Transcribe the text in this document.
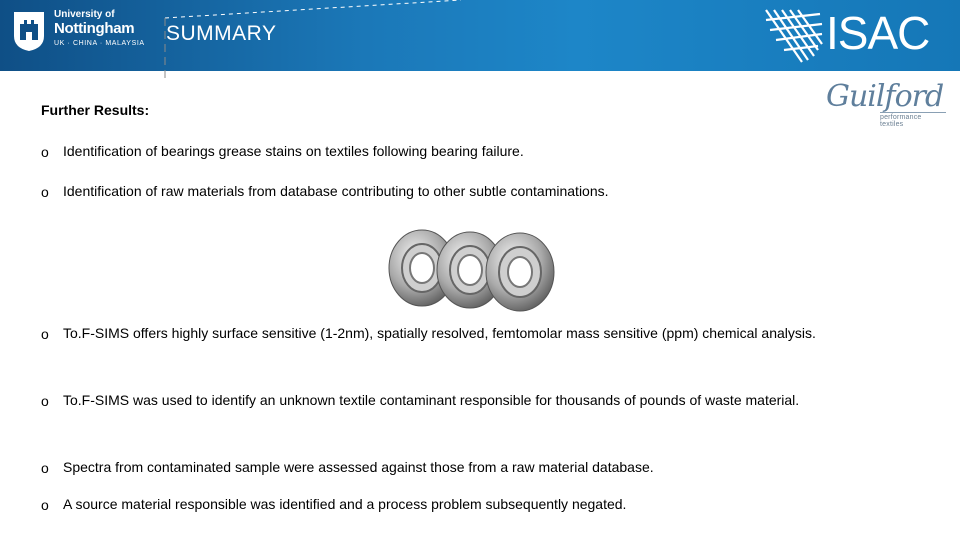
University of
Nottingham
UK · CHINA · MALAYSIA SUMMARY	ISAC
Guilford
performance textiles
Further Results:
o Identification of bearings grease stains on textiles following bearing failure.
o Identification of raw materials from database contributing to other subtle contaminations.
o To.F-SIMS offers highly surface sensitive (1-2nm), spatially resolved, femtomolar mass sensitive (ppm) chemical analysis.
o To.F-SIMS was used to identify an unknown textile contaminant responsible for thousands of pounds of waste material.
o Spectra from contaminated sample were assessed against those from a raw material database.
o A source material responsible was identified and a process problem subsequently negated.
